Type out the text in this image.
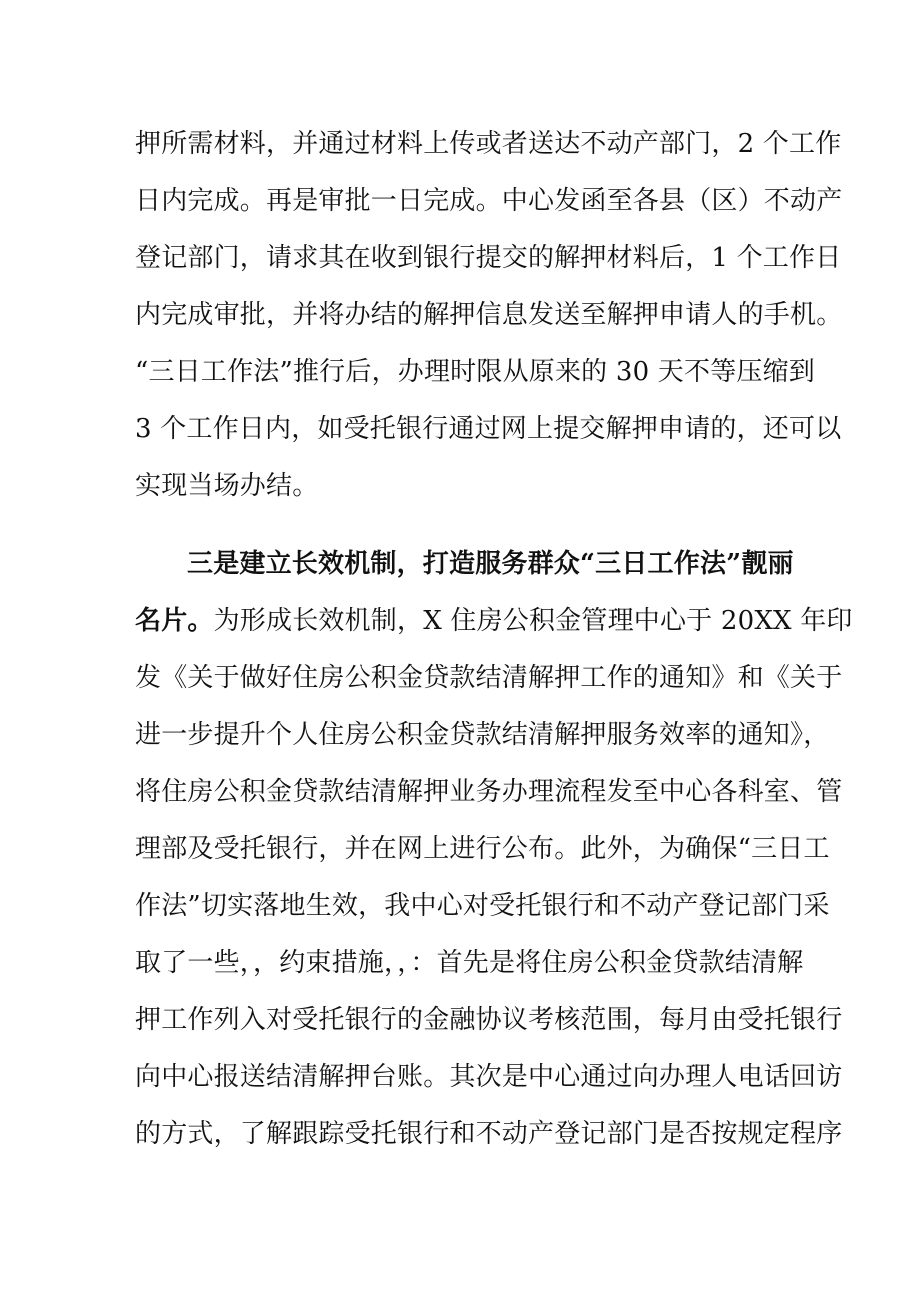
押所需材料，并通过材料上传或者送达不动产部门，2 个工作
日内完成。再是审批一日完成。中心发函至各县（区）不动产
登记部门，请求其在收到银行提交的解押材料后，1 个工作日
内完成审批，并将办结的解押信息发送至解押申请人的手机。
“三日工作法”推行后，办理时限从原来的 30 天不等压缩到
3 个工作日内，如受托银行通过网上提交解押申请的，还可以
实现当场办结。
三是建立长效机制，打造服务群众“三日工作法”靓丽
名片。为形成长效机制，X 住房公积金管理中心于 20XX 年印
发《关于做好住房公积金贷款结清解押工作的通知》和《关于
进一步提升个人住房公积金贷款结清解押服务效率的通知》，
将住房公积金贷款结清解押业务办理流程发至中心各科室、管
理部及受托银行，并在网上进行公布。此外，为确保“三日工
作法”切实落地生效，我中心对受托银行和不动产登记部门采
取了一些，，约束措施，，：首先是将住房公积金贷款结清解
押工作列入对受托银行的金融协议考核范围，每月由受托银行
向中心报送结清解押台账。其次是中心通过向办理人电话回访
的方式，了解跟踪受托银行和不动产登记部门是否按规定程序
